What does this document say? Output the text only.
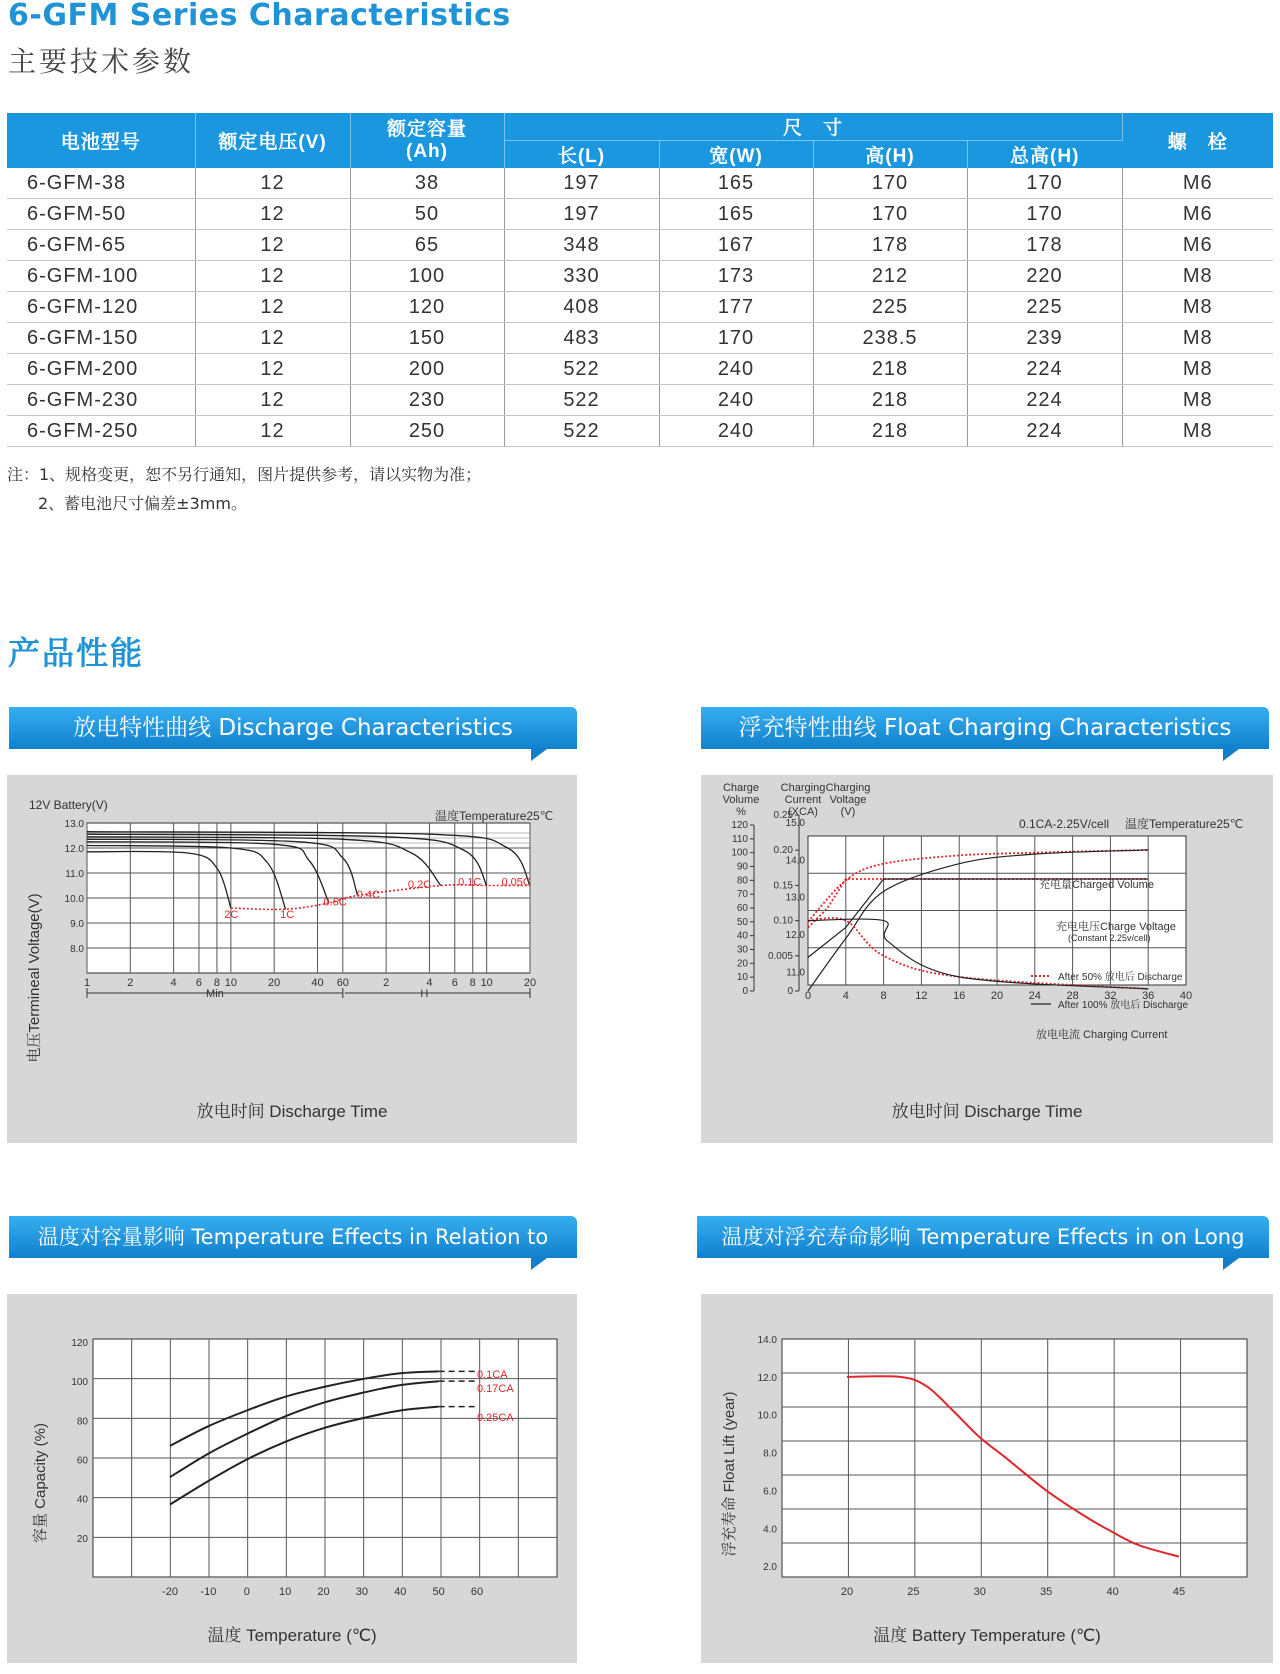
6-GFM Series Characteristics
主要技术参数
电池型号	额定电压(V)	额定容量
(Ah)	尺　寸				螺　栓
			长(L)	宽(W)	高(H)	总高(H)	
6-GFM-38	12	38	197	165	170	170	M6
6-GFM-50	12	50	197	165	170	170	M6
6-GFM-65	12	65	348	167	178	178	M6
6-GFM-100	12	100	330	173	212	220	M8
6-GFM-120	12	120	408	177	225	225	M8
6-GFM-150	12	150	483	170	238.5	239	M8
6-GFM-200	12	200	522	240	218	224	M8
6-GFM-230	12	230	522	240	218	224	M8
6-GFM-250	12	250	522	240	218	224	M8
注：1、规格变更，恕不另行通知，图片提供参考，请以实物为准；
2、蓄电池尺寸偏差±3mm。
产品性能
放电特性曲线 Discharge Characteristics	浮充特性曲线 Float Charging Characteristics
温度对容量影响 Temperature Effects in Relation to Battery Capacity
温度对浮充寿命影响 Temperature Effects in on Long Term Floa Life
12V Battery(V)
温度Temperature25℃
电压Termineal Voltage(V)
13.0
12.0
11.0
10.0
9.0
8.0
1	2	4 6 8 10	20	40 60	2	4 6 8 10	20
2C	1C
0.6C
0.4C
0.2C 0.1C 0.05C
Min	H
放电时间 Discharge Time
Charge
Volume
%
Charging
Current
(XCA)
Charging
Voltage
(V)
0.1CA-2.25V/cell 温度Temperature25℃
120
110
100
90
80
70
60
50
40
30
20
10
0
0.25
0.20
0.15
0.10
0.005
0
15.0
14.0
13.0
12.0
11.0
0	4	8	12 16 20 24 28 32 36 40
充电量Charged Volume
充电电压Charge Voltage
(Constant 2.25v/cell)
After 50% 放电后 Discharge
After 100% 放电后 Discharge
放电电流 Charging Current
放电时间 Discharge Time
容量 Capacity (%)
0.1CA
0.17CA
0.25CA
120
100
80
60
40
20
-20 -10 0	10 20 30 40 50 60
温度 Temperature (℃)
浮充寿命 Float Lift (year)
14.0
12.0
10.0
8.0
6.0
4.0
2.0
20	25	30	35	40	45
温度 Battery Temperature (℃)
